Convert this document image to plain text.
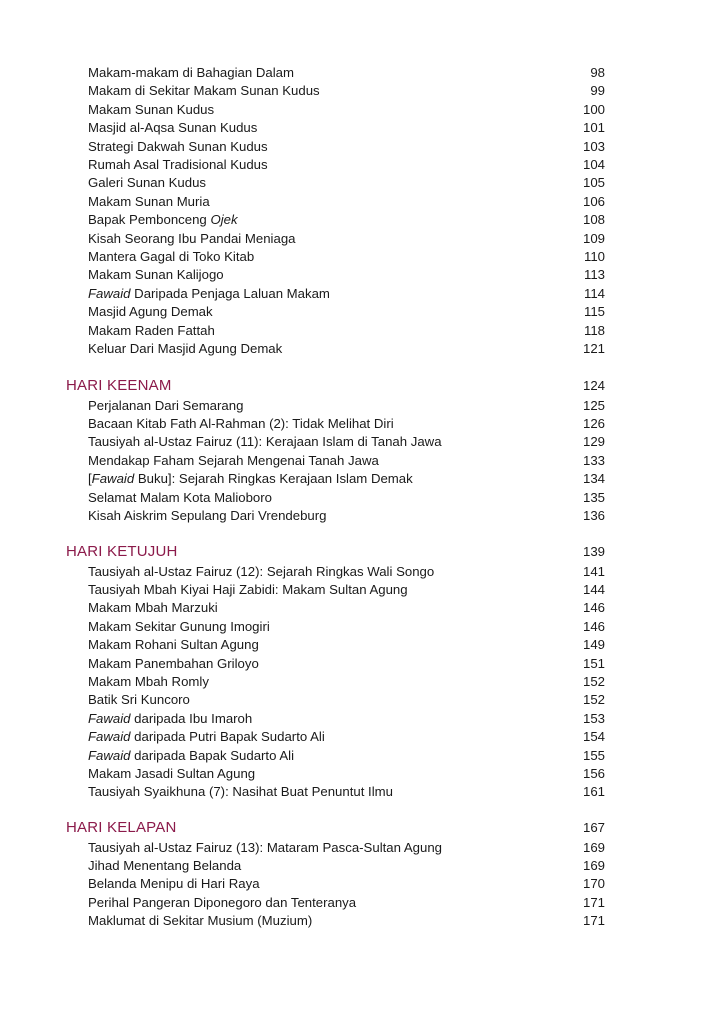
Makam-makam di Bahagian Dalam	98
Makam di Sekitar Makam Sunan Kudus	99
Makam Sunan Kudus	100
Masjid al-Aqsa Sunan Kudus	101
Strategi Dakwah Sunan Kudus	103
Rumah Asal Tradisional Kudus	104
Galeri Sunan Kudus	105
Makam Sunan Muria	106
Bapak Pembonceng Ojek	108
Kisah Seorang Ibu Pandai Meniaga	109
Mantera Gagal di Toko Kitab	110
Makam Sunan Kalijogo	113
Fawaid Daripada Penjaga Laluan Makam	114
Masjid Agung Demak	115
Makam Raden Fattah	118
Keluar Dari Masjid Agung Demak	121
HARI KEENAM	124
Perjalanan Dari Semarang	125
Bacaan Kitab Fath Al-Rahman (2): Tidak Melihat Diri	126
Tausiyah al-Ustaz Fairuz (11): Kerajaan Islam di Tanah Jawa	129
Mendakap Faham Sejarah Mengenai Tanah Jawa	133
[Fawaid Buku]: Sejarah Ringkas Kerajaan Islam Demak	134
Selamat Malam Kota Malioboro	135
Kisah Aiskrim Sepulang Dari Vrendeburg	136
HARI KETUJUH	139
Tausiyah al-Ustaz Fairuz (12): Sejarah Ringkas Wali Songo	141
Tausiyah Mbah Kiyai Haji Zabidi: Makam Sultan Agung	144
Makam Mbah Marzuki	146
Makam Sekitar Gunung Imogiri	146
Makam Rohani Sultan Agung	149
Makam Panembahan Griloyo	151
Makam Mbah Romly	152
Batik Sri Kuncoro	152
Fawaid daripada Ibu Imaroh	153
Fawaid daripada Putri Bapak Sudarto Ali	154
Fawaid daripada Bapak Sudarto Ali	155
Makam Jasadi Sultan Agung	156
Tausiyah Syaikhuna (7): Nasihat Buat Penuntut Ilmu	161
HARI KELAPAN	167
Tausiyah al-Ustaz Fairuz (13): Mataram Pasca-Sultan Agung	169
Jihad Menentang Belanda	169
Belanda Menipu di Hari Raya	170
Perihal Pangeran Diponegoro dan Tenteranya	171
Maklumat di Sekitar Musium (Muzium)	171
